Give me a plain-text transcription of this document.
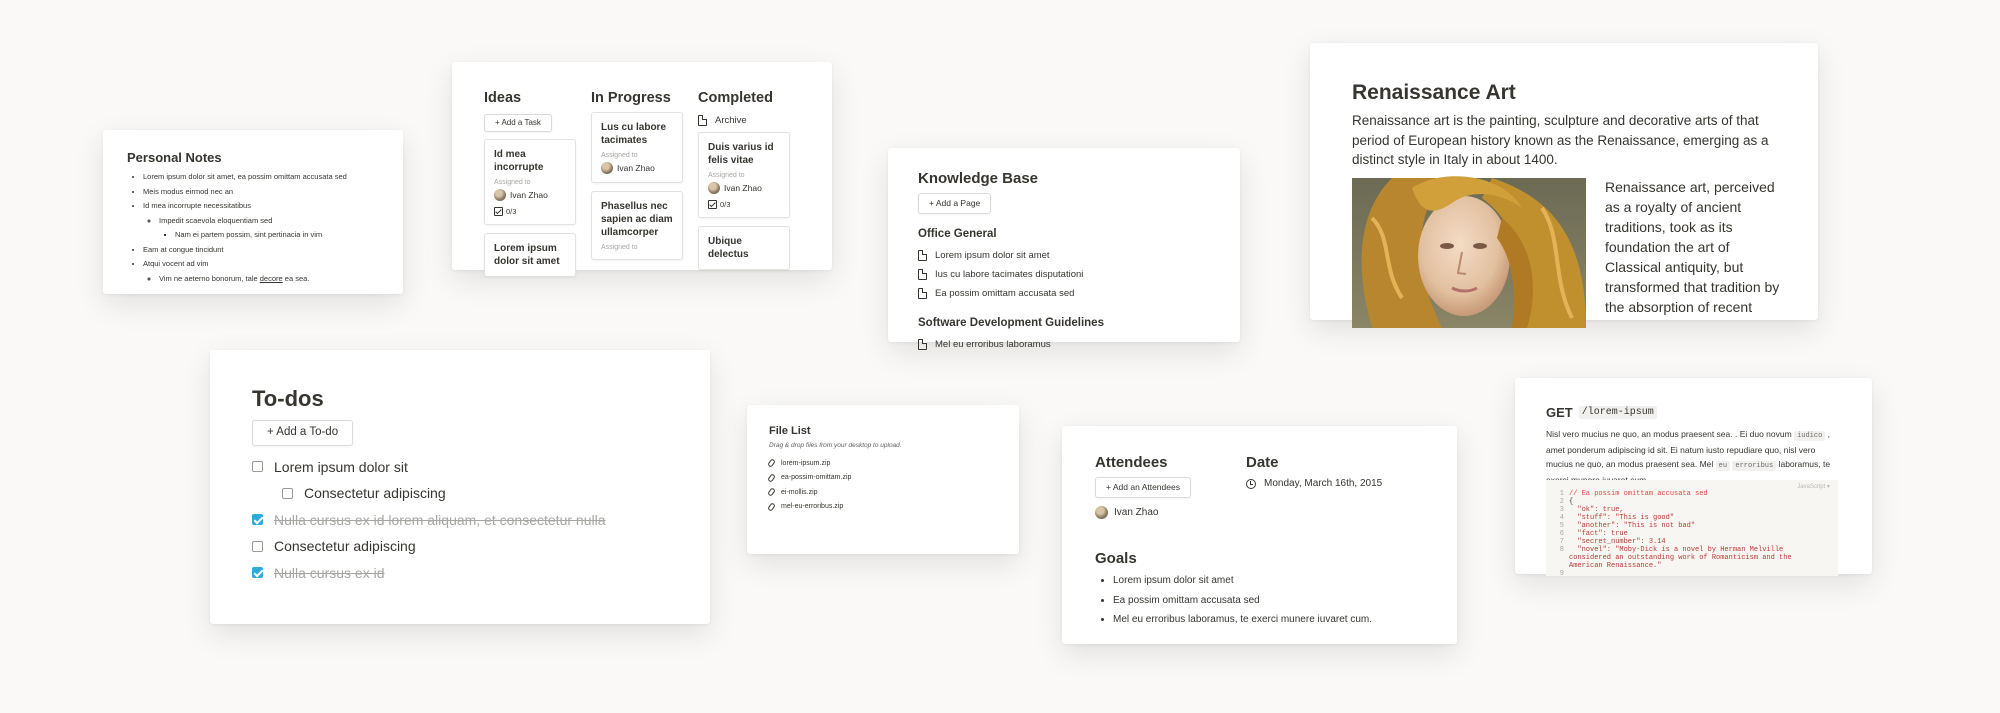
Personal Notes
• Lorem ipsum dolor sit amet, ea possim omittam accusata sed
• Meis modus eirmod nec an
• Id mea incorrupte necessitatibus
◦ Impedit scaevola eloquentiam sed
▪ Nam ei partem possim, sint pertinacia in vim
• Eam at congue tincidunt
• Atqui vocent ad vim
◦ Vim ne aeterno bonorum, tale decore ea sea.
Ideas
+ Add a Task
Id mea incorrupte
Assigned to
Ivan Zhao
0/3
Lorem ipsum dolor sit amet
In Progress
Lus cu labore tacimates
Assigned to
Ivan Zhao
Phasellus nec sapien ac diam ullamcorper
Assigned to
Completed
Archive
Duis varius id felis vitae
Assigned to
Ivan Zhao
0/3
Ubique delectus
Knowledge Base
+ Add a Page
Office General
Lorem ipsum dolor sit amet
Ius cu labore tacimates disputationi
Ea possim omittam accusata sed
Software Development Guidelines
Mel eu erroribus laboramus
Renaissance Art

Renaissance art is the painting, sculpture and decorative arts of that period of European history known as the Renaissance, emerging as a distinct style in Italy in about 1400.

Renaissance art, perceived as a royalty of ancient traditions, took as its foundation the art of Classical antiquity, but transformed that tradition by the absorption of recent
To-dos
+ Add a To-do
Lorem ipsum dolor sit
Consectetur adipiscing
Nulla cursus ex id lorem aliquam, et consectetur nulla
Consectetur adipiscing
Nulla cursus ex id
File List
Drag & drop files from your desktop to upload.
lorem-ipsum.zip
ea-possim-omittam.zip
ei-mollis.zip
mel-eu-erroribus.zip
Attendees
+ Add an Attendees
Ivan Zhao
Date
Monday, March 16th, 2015
Goals
• Lorem ipsum dolor sit amet
• Ea possim omittam accusata sed
• Mel eu erroribus laboramus, te exerci munere iuvaret cum.
GET /lorem-ipsum
Nisl vero mucius ne quo, an modus praesent sea. . Ei duo novum iudico , amet ponderum adipiscing id sit. Ei natum iusto repudiare quo, nisl vero mucius ne quo, an modus praesent sea. Mel eu erroribus laboramus, te
JavaScript ▾
1 // Ea possim omittam accusata sed
2 {
3 "ok": true,
4 "stuff": "This is good"
5 "another": "This is not bad"
6 "fact": true
7 "secret_number": 3.14
8 "novel": "Moby-Dick is a novel by Herman Melville
considered an outstanding work of Romanticism and the
American Renaissance."
9
